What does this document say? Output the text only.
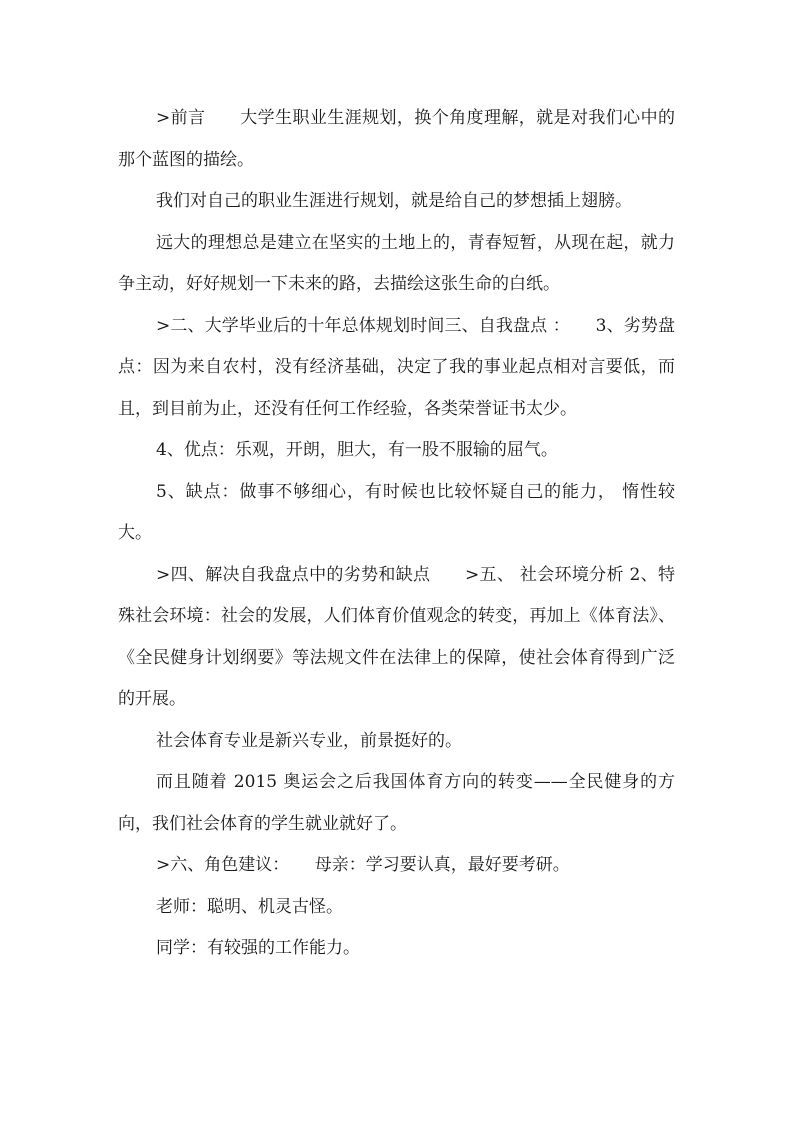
>前言　　大学生职业生涯规划，换个角度理解，就是对我们心中的那个蓝图的描绘。

我们对自己的职业生涯进行规划，就是给自己的梦想插上翅膀。

远大的理想总是建立在坚实的土地上的，青春短暂，从现在起，就力争主动，好好规划一下未来的路，去描绘这张生命的白纸。

>二、大学毕业后的十年总体规划时间三、自我盘点 ：　　3、劣势盘点：因为来自农村，没有经济基础，决定了我的事业起点相对言要低，而且，到目前为止，还没有任何工作经验，各类荣誉证书太少。

4、优点：乐观，开朗，胆大，有一股不服输的屈气。

5、缺点：做事不够细心，有时候也比较怀疑自己的能力， 惰性较大。

>四、解决自我盘点中的劣势和缺点　　>五、 社会环境分析 2、特殊社会环境：社会的发展，人们体育价值观念的转变，再加上《体育法》、《全民健身计划纲要》等法规文件在法律上的保障，使社会体育得到广泛的开展。

社会体育专业是新兴专业，前景挺好的。

而且随着 2015 奥运会之后我国体育方向的转变——全民健身的方向，我们社会体育的学生就业就好了。

>六、角色建议：　　母亲：学习要认真，最好要考研。

老师：聪明、机灵古怪。

同学：有较强的工作能力。
